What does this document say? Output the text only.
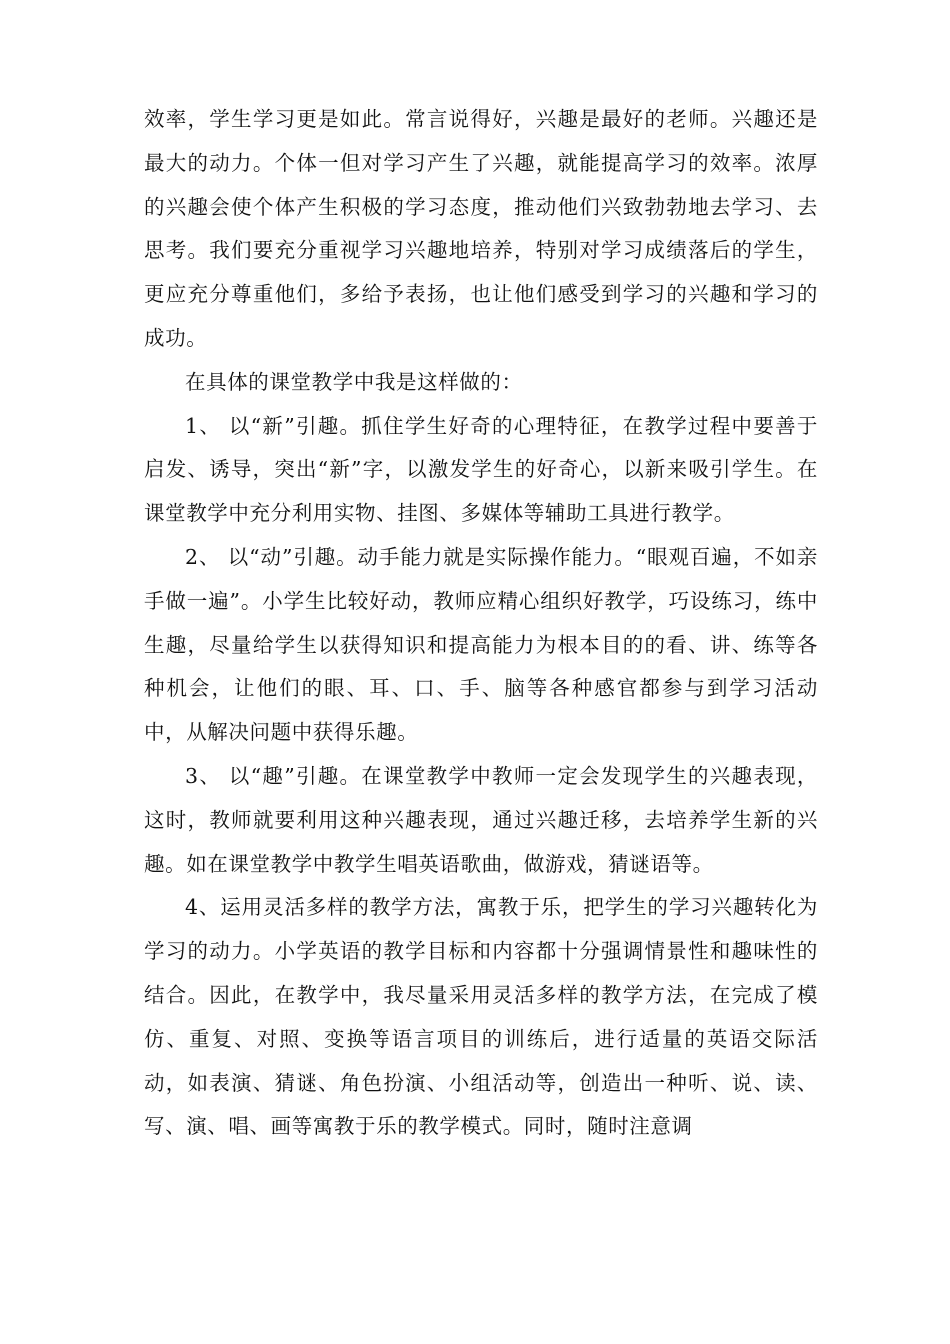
效率，学生学习更是如此。常言说得好，兴趣是最好的老师。兴趣还是最大的动力。个体一但对学习产生了兴趣，就能提高学习的效率。浓厚的兴趣会使个体产生积极的学习态度，推动他们兴致勃勃地去学习、去思考。我们要充分重视学习兴趣地培养，特别对学习成绩落后的学生，更应充分尊重他们，多给予表扬，也让他们感受到学习的兴趣和学习的成功。

在具体的课堂教学中我是这样做的：

1、 以“新”引趣。抓住学生好奇的心理特征，在教学过程中要善于启发、诱导，突出“新”字，以激发学生的好奇心，以新来吸引学生。在课堂教学中充分利用实物、挂图、多媒体等辅助工具进行教学。

2、 以“动”引趣。动手能力就是实际操作能力。“眼观百遍，不如亲手做一遍”。小学生比较好动，教师应精心组织好教学，巧设练习，练中生趣，尽量给学生以获得知识和提高能力为根本目的的看、讲、练等各种机会，让他们的眼、耳、口、手、脑等各种感官都参与到学习活动中，从解决问题中获得乐趣。

3、 以“趣”引趣。在课堂教学中教师一定会发现学生的兴趣表现，这时，教师就要利用这种兴趣表现，通过兴趣迁移，去培养学生新的兴趣。如在课堂教学中教学生唱英语歌曲，做游戏，猜谜语等。

4、运用灵活多样的教学方法，寓教于乐，把学生的学习兴趣转化为学习的动力。小学英语的教学目标和内容都十分强调情景性和趣味性的结合。因此，在教学中，我尽量采用灵活多样的教学方法，在完成了模仿、重复、对照、变换等语言项目的训练后，进行适量的英语交际活动，如表演、猜谜、角色扮演、小组活动等，创造出一种听、说、读、写、演、唱、画等寓教于乐的教学模式。同时，随时注意调
